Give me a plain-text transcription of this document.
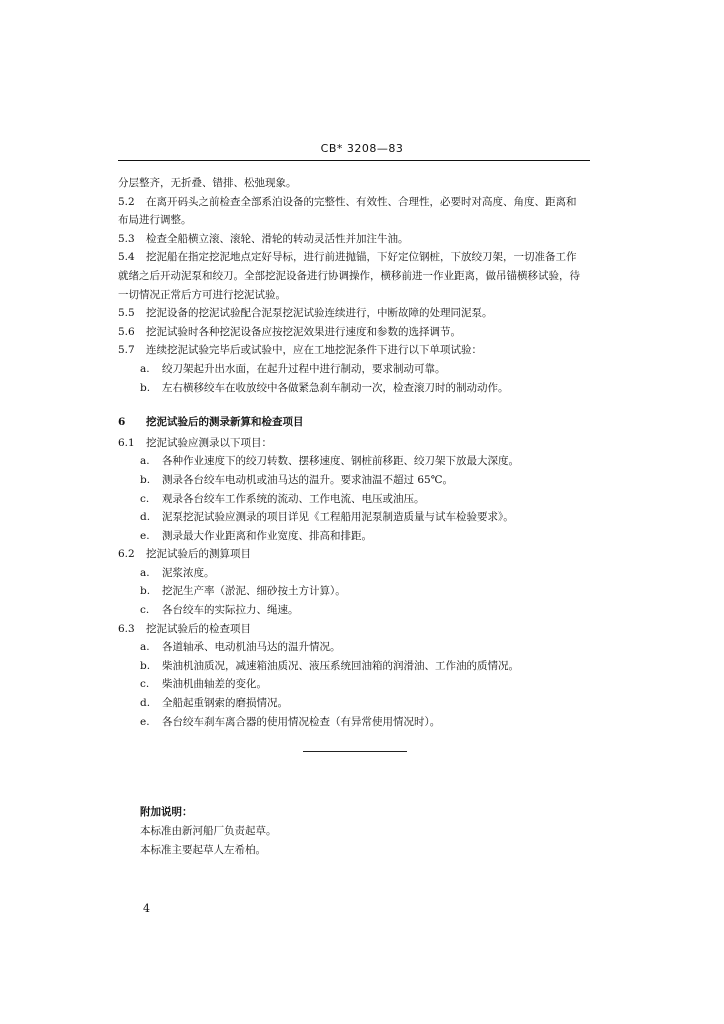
CB* 3208—83
分层整齐，无折叠、错排、松弛现象。
5.2 在离开码头之前检查全部系泊设备的完整性、有效性、合理性，必要时对高度、角度、距离和
布局进行调整。
5.3 检查全船横立滚、滚轮、滑轮的转动灵活性并加注牛油。
5.4 挖泥船在指定挖泥地点定好导标，进行前进抛锚，下好定位钢桩，下放绞刀架，一切准备工作
就绪之后开动泥泵和绞刀。全部挖泥设备进行协调操作，横移前进一作业距离，做吊锚横移试验，待一切情况正常后方可进行挖泥试验。
5.5 挖泥设备的挖泥试验配合泥泵挖泥试验连续进行，中断故障的处理同泥泵。
5.6 挖泥试验时各种挖泥设备应按挖泥效果进行速度和参数的选择调节。
5.7 连续挖泥试验完毕后或试验中，应在工地挖泥条件下进行以下单项试验：
a. 绞刀架起升出水面，在起升过程中进行制动，要求制动可靠。
b. 左右横移绞车在收放绞中各做紧急刹车制动一次，检查滚刀时的制动动作。
6 挖泥试验后的测录新算和检查项目
6.1 挖泥试验应测录以下项目：
a. 各种作业速度下的绞刀转数、摆移速度、钢桩前移距、绞刀架下放最大深度。
b. 测录各台绞车电动机或油马达的温升。要求油温不超过 65℃。
c. 观录各台绞车工作系统的流动、工作电流、电压或油压。
d. 泥泵挖泥试验应测录的项目详见《工程船用泥泵制造质量与试车检验要求》。
e. 测录最大作业距离和作业宽度、排高和排距。
6.2 挖泥试验后的测算项目
a. 泥浆浓度。
b. 挖泥生产率（淤泥、细砂按土方计算）。
c. 各台绞车的实际拉力、绳速。
6.3 挖泥试验后的检查项目
a. 各道轴承、电动机油马达的温升情况。
b. 柴油机油质况，减速箱油质况、液压系统回油箱的润滑油、工作油的质情况。
c. 柴油机曲轴差的变化。
d. 全船起重钢索的磨损情况。
e. 各台绞车刹车离合器的使用情况检查（有异常使用情况时）。
附加说明：
本标准由新河船厂负责起草。
本标准主要起草人左希柏。
4
